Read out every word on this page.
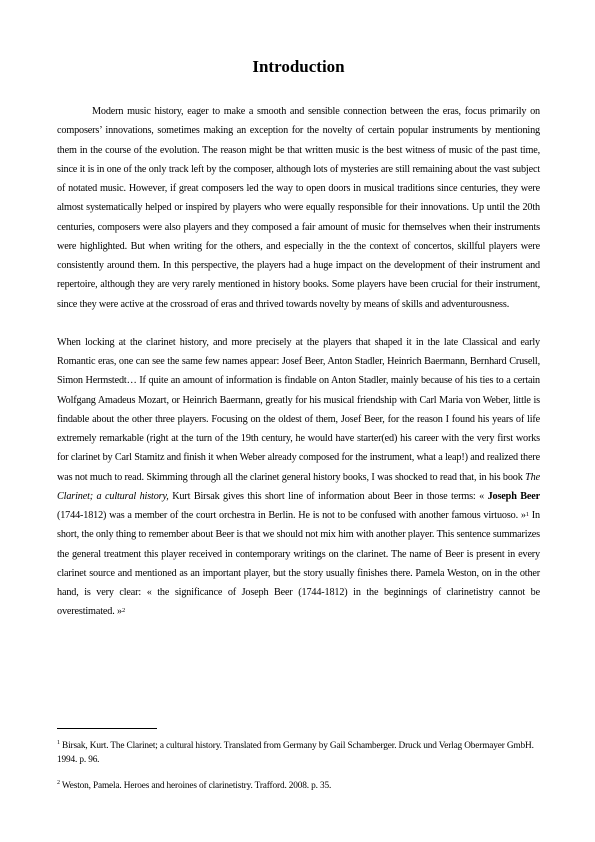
Introduction

Modern music history, eager to make a smooth and sensible connection between the eras, focus primarily on composers’ innovations, sometimes making an exception for the novelty of certain popular instruments by mentioning them in the course of the evolution. The reason might be that written music is the best witness of music of the past time, since it is in one of the only track left by the composer, although lots of mysteries are still remaining about the vast subject of notated music. However, if great composers led the way to open doors in musical traditions since centuries, they were almost systematically helped or inspired by players who were equally responsible for their innovations. Up until the 20th centuries, composers were also players and they composed a fair amount of music for themselves when their instruments were highlighted. But when writing for the others, and especially in the the context of concertos, skillful players were consistently around them. In this perspective, the players had a huge impact on the development of their instrument and repertoire, although they are very rarely mentioned in history books. Some players have been crucial for their instrument, since they were active at the crossroad of eras and thrived towards novelty by means of skills and adventurousness.

When locking at the clarinet history, and more precisely at the players that shaped it in the late Classical and early Romantic eras, one can see the same few names appear: Josef Beer, Anton Stadler, Heinrich Baermann, Bernhard Crusell, Simon Hermstedt… If quite an amount of information is findable on Anton Stadler, mainly because of his ties to a certain Wolfgang Amadeus Mozart, or Heinrich Baermann, greatly for his musical friendship with Carl Maria von Weber, little is findable about the other three players. Focusing on the oldest of them, Josef Beer, for the reason I found his years of life extremely remarkable (right at the turn of the 19th century, he would have starter(ed) his career with the very first works for clarinet by Carl Stamitz and finish it when Weber already composed for the instrument, what a leap!) and realized there was not much to read. Skimming through all the clarinet general history books, I was shocked to read that, in his book The Clarinet; a cultural history, Kurt Birsak gives this short line of information about Beer in those terms: « Joseph Beer (1744-1812) was a member of the court orchestra in Berlin. He is not to be confused with another famous virtuoso. »$^1$ In short, the only thing to remember about Beer is that we should not mix him with another player. This sentence summarizes the general treatment this player received in contemporary writings on the clarinet. The name of Beer is present in every clarinet source and mentioned as an important player, but the story usually finishes there. Pamela Weston, on in the other hand, is very clear: « the significance of Joseph Beer (1744-1812) in the beginnings of clarinetistry cannot be overestimated. »$^2$

$^1$ Birsak, Kurt. The Clarinet; a cultural history. Translated from Germany by Gail Schamberger. Druck und Verlag Obermayer GmbH. 1994. p. 96.

$^2$ Weston, Pamela. Heroes and heroines of clarinetistry. Trafford. 2008. p. 35.
